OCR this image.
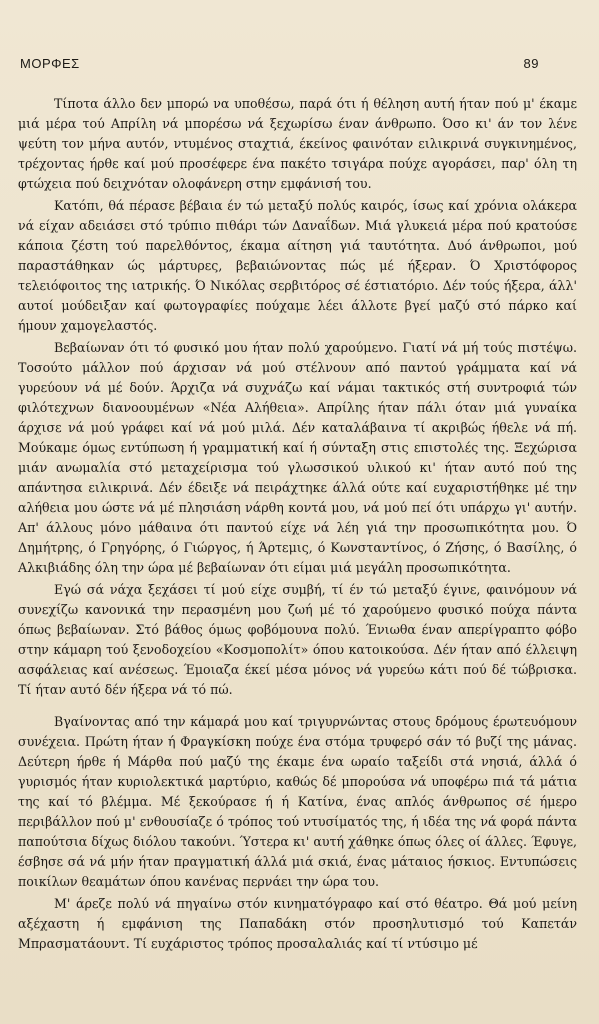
ΜΟΡΦΕΣ	89

Τίποτα άλλο δεν μπορώ να υποθέσω, παρά ότι ή θέληση αυτή ήταν πού μ' έκαμε μιά μέρα τού Απρίλη νά μπορέσω νά ξεχωρίσω έναν άνθρωπο. Όσο κι' άν τον λένε ψεύτη τον μήνα αυτόν, ντυμένος σταχτιά, έκείνος φαινόταν ειλικρινά συγκινημένος, τρέχοντας ήρθε καί μού προσέφερε ένα πακέτο τσιγάρα πούχε αγοράσει, παρ' όλη τη φτώχεια πού δειχνόταν ολοφάνερη στην εμφάνισή του.

Κατόπι, θά πέρασε βέβαια έν τώ μεταξύ πολύς καιρός, ίσως καί χρόνια ολάκερα νά είχαν αδειάσει στό τρύπιο πιθάρι τών Δαναΐδων. Μιά γλυκειά μέρα πού κρατούσε κάποια ζέστη τού παρελθόντος, έκαμα αίτηση γιά ταυτότητα. Δυό άνθρωποι, μού παραστάθηκαν ώς μάρτυρες, βεβαιώνοντας πώς μέ ήξεραν. Ό Χριστόφορος τελειόφοιτος της ιατρικής. Ό Νικόλας σερβιτόρος σέ έστιατόριο. Δέν τούς ήξερα, άλλ' αυτοί μούδειξαν καί φωτογραφίες πούχαμε λέει άλλοτε βγεί μαζύ στό πάρκο καί ήμουν χαμογελαστός.

Βεβαίωναν ότι τό φυσικό μου ήταν πολύ χαρούμενο. Γιατί νά μή τούς πιστέψω. Τοσούτο μάλλον πού άρχισαν νά μού στέλνουν από παντού γράμματα καί νά γυρεύουν νά μέ δούν. Άρχιζα νά συχνάζω καί νάμαι τακτικός στή συντροφιά τών φιλότεχνων διανοουμένων «Νέα Αλήθεια». Απρίλης ήταν πάλι όταν μιά γυναίκα άρχισε νά μού γράφει καί νά μού μιλά. Δέν καταλάβαινα τί ακριβώς ήθελε νά πή. Μούκαμε όμως εντύπωση ή γραμματική καί ή σύνταξη στις επιστολές της. Ξεχώρισα μιάν ανωμαλία στό μεταχείρισμα τού γλωσσικού υλικού κι' ήταν αυτό πού της απάντησα ειλικρινά. Δέν έδειξε νά πειράχτηκε άλλά ούτε καί ευχαριστήθηκε μέ την αλήθεια μου ώστε νά μέ πλησιάση νάρθη κοντά μου, νά μού πεί ότι υπάρχω γι' αυτήν. Απ' άλλους μόνο μάθαινα ότι παντού είχε νά λέη γιά την προσωπικότητα μου. Ό Δημήτρης, ό Γρηγόρης, ό Γιώργος, ή Άρτεμις, ό Κωνσταντίνος, ό Ζήσης, ό Βασίλης, ό Αλκιβιάδης όλη την ώρα μέ βεβαίωναν ότι είμαι μιά μεγάλη προσωπικότητα.

Εγώ σά νάχα ξεχάσει τί μού είχε συμβή, τί έν τώ μεταξύ έγινε, φαινόμουν νά συνεχίζω κανονικά την περασμένη μου ζωή μέ τό χαρούμενο φυσικό πούχα πάντα όπως βεβαίωναν. Στό βάθος όμως φοβόμουνα πολύ. Ένιωθα έναν απερίγραπτο φόβο στην κάμαρη τού ξενοδοχείου «Κοσμοπολίτ» όπου κατοικούσα. Δέν ήταν από έλλειψη ασφάλειας καί ανέσεως. Έμοιαζα έκεί μέσα μόνος νά γυρεύω κάτι πού δέ τώβρισκα. Τί ήταν αυτό δέν ήξερα νά τό πώ.

Βγαίνοντας από την κάμαρά μου καί τριγυρνώντας στους δρόμους έρωτευόμουν συνέχεια. Πρώτη ήταν ή Φραγκίσκη πούχε ένα στόμα τρυφερό σάν τό βυζί της μάνας. Δεύτερη ήρθε ή Μάρθα πού μαζύ της έκαμε ένα ωραίο ταξείδι στά νησιά, άλλά ό γυρισμός ήταν κυριολεκτικά μαρτύριο, καθώς δέ μπορούσα νά υποφέρω πιά τά μάτια της καί τό βλέμμα. Μέ ξεκούρασε ή ή Κατίνα, ένας απλός άνθρωπος σέ ήμερο περιβάλλον πού μ' ενθουσίαζε ό τρόπος τού ντυσίματός της, ή ιδέα της νά φορά πάντα παπούτσια δίχως διόλου τακούνι. Ύστερα κι' αυτή χάθηκε όπως όλες οί άλλες. Έφυγε, έσβησε σά νά μήν ήταν πραγματική άλλά μιά σκιά, ένας μάταιος ήσκιος. Εντυπώσεις ποικίλων θεαμάτων όπου κανένας περνάει την ώρα του.

Μ' άρεζε πολύ νά πηγαίνω στόν κινηματόγραφο καί στό θέατρο. Θά μού μείνη αξέχαστη ή εμφάνιση της Παπαδάκη στόν προσηλυτισμό τού Καπετάν Μπρασματάουντ. Τί ευχάριστος τρόπος προσαλαλιάς καί τί ντύσιμο μέ
